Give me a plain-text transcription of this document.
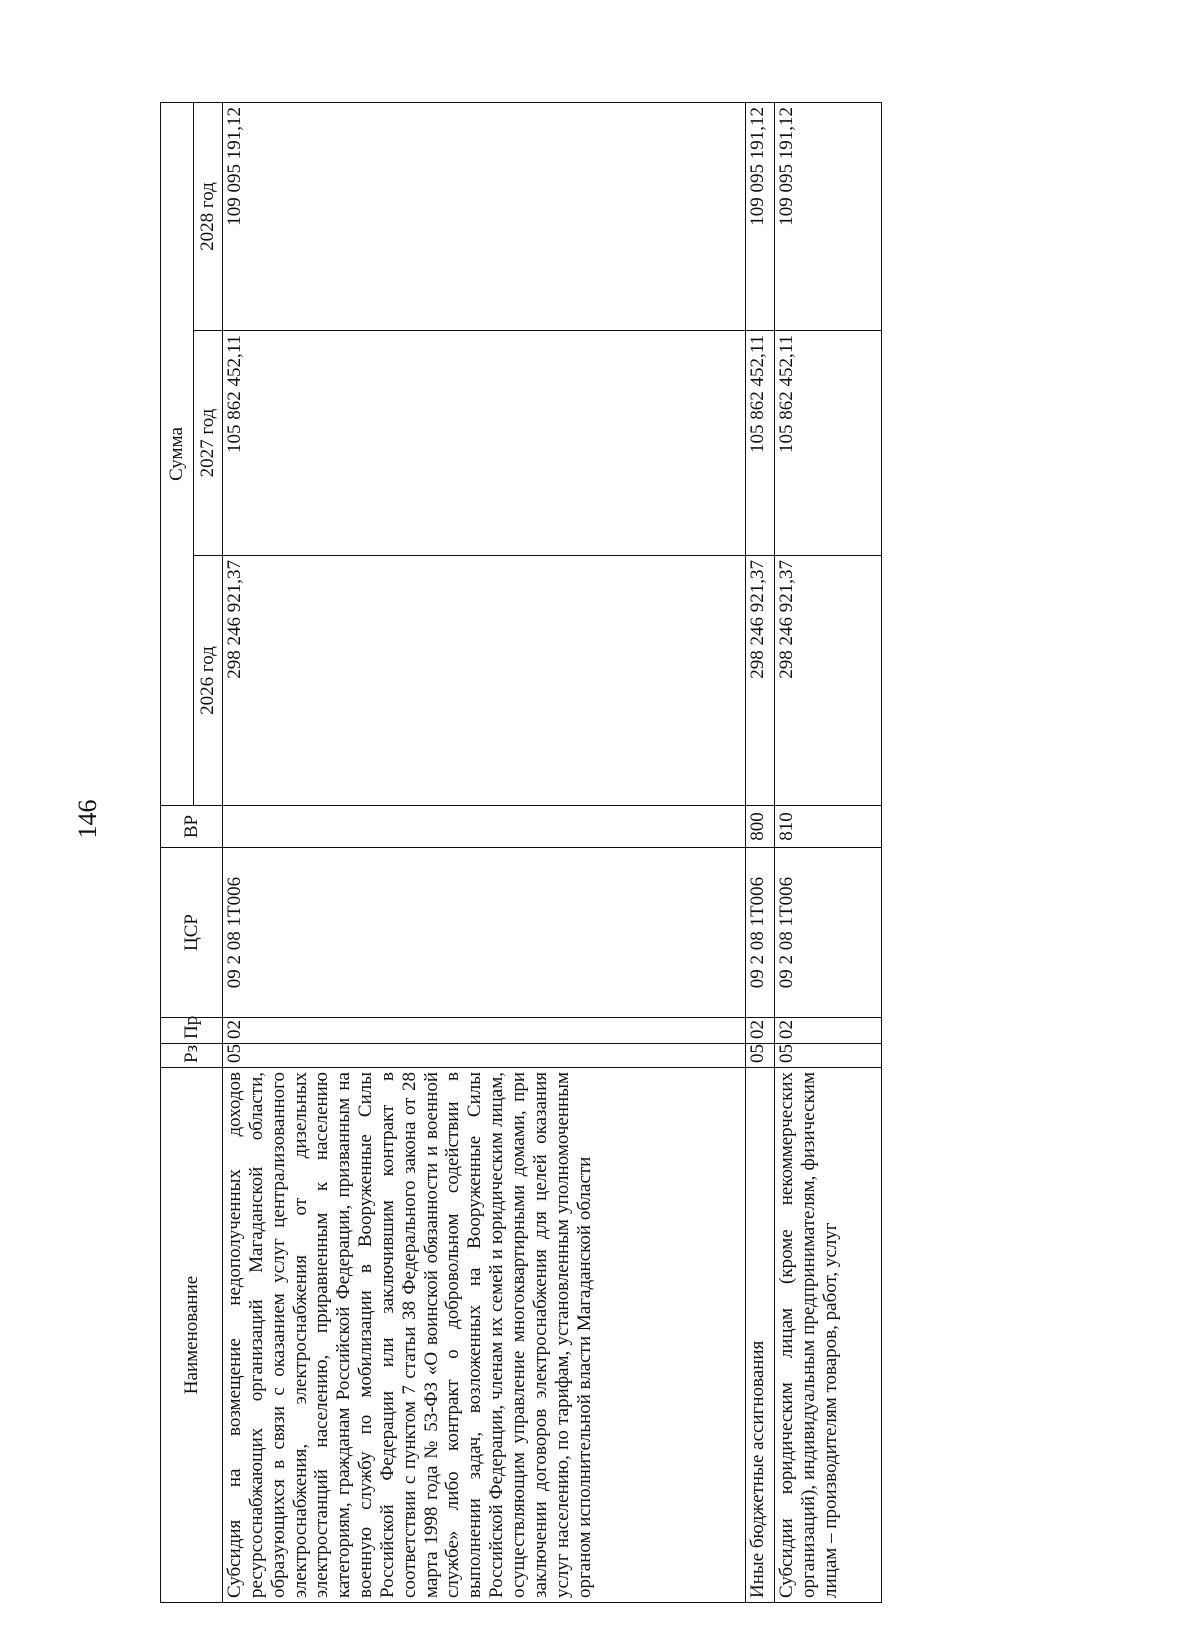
146
Наименование	Рз	Пр	ЦСР	ВР	Сумма		
					2026 год	2027 год	2028 год
Субсидия на возмещение недополученных доходов ресурсоснабжающих организаций Магаданской области, образующихся в связи с оказанием услуг централизованного электроснабжения, электроснабжения от дизельных электростанций населению, приравненным к населению категориям, гражданам Российской Федерации, призванным на военную службу по мобилизации в Вооруженные Силы Российской Федерации или заключившим контракт в соответствии с пунктом 7 статьи 38 Федерального закона от 28 марта 1998 года № 53-ФЗ «О воинской обязанности и военной службе» либо контракт о добровольном содействии в выполнении задач, возложенных на Вооруженные Силы Российской Федерации, членам их семей и юридическим лицам, осуществляющим управление многоквартирными домами, при заключении договоров электроснабжения для целей оказания услуг населению, по тарифам, установленным уполномоченным органом исполнительной власти Магаданской области	05	02	09 2 08 1Т006		298 246 921,37	105 862 452,11	109 095 191,12
Иные бюджетные ассигнования	05	02	09 2 08 1Т006	800	298 246 921,37	105 862 452,11	109 095 191,12
Субсидии юридическим лицам (кроме некоммерческих организаций), индивидуальным предпринимателям, физическим лицам – производителям товаров, работ, услуг	05	02	09 2 08 1Т006	810	298 246 921,37	105 862 452,11	109 095 191,12
